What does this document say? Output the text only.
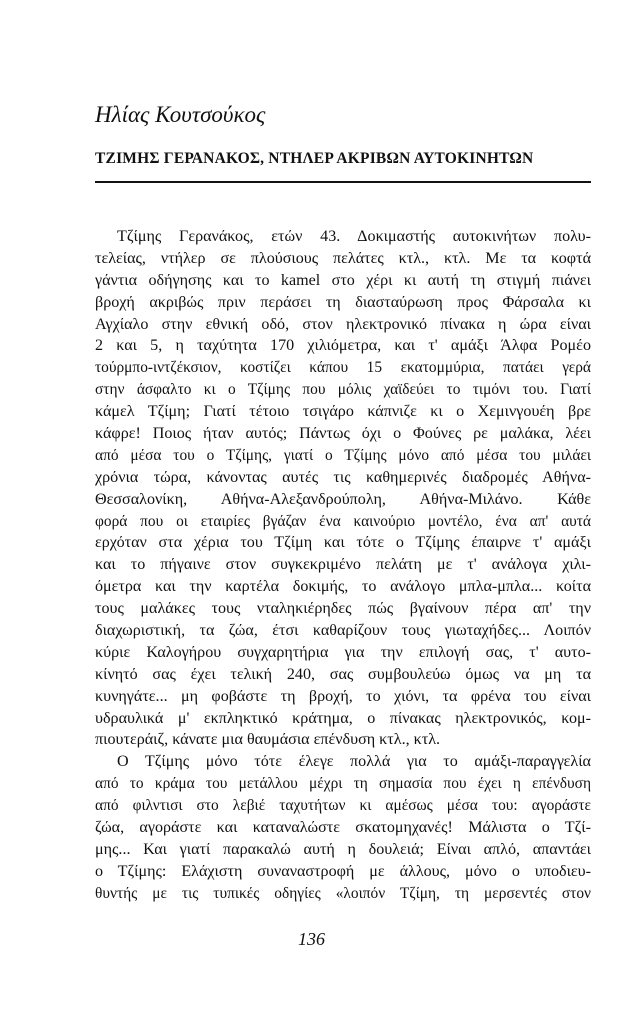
Ηλίας Κουτσούκος
ΤΖΙΜΗΣ ΓΕΡΑΝΑΚΟΣ, ΝΤΗΛΕΡ ΑΚΡΙΒΩΝ ΑΥΤΟΚΙΝΗΤΩΝ
Τζίμης Γερανάκος, ετών 43. Δοκιμαστής αυτοκινήτων πολυ-
τελείας, ντήλερ σε πλούσιους πελάτες κτλ., κτλ. Με τα κοφτά
γάντια οδήγησης και το kamel στο χέρι κι αυτή τη στιγμή πιάνει
βροχή ακριβώς πριν περάσει τη διασταύρωση προς Φάρσαλα κι
Αγχίαλο στην εθνική οδό, στον ηλεκτρονικό πίνακα η ώρα είναι
2 και 5, η ταχύτητα 170 χιλιόμετρα, και τ' αμάξι Άλφα Ρομέο
τούρμπο-ιντζέκσιον, κοστίζει κάπου 15 εκατομμύρια, πατάει γερά
στην άσφαλτο κι ο Τζίμης που μόλις χαϊδεύει το τιμόνι του. Γιατί
κάμελ Τζίμη; Γιατί τέτοιο τσιγάρο κάπνιζε κι ο Χεμινγουέη βρε
κάφρε! Ποιος ήταν αυτός; Πάντως όχι ο Φούνες ρε μαλάκα, λέει
από μέσα του ο Τζίμης, γιατί ο Τζίμης μόνο από μέσα του μιλάει
χρόνια τώρα, κάνοντας αυτές τις καθημερινές διαδρομές Αθήνα-
Θεσσαλονίκη, Αθήνα-Αλεξανδρούπολη, Αθήνα-Μιλάνο. Κάθε
φορά που οι εταιρίες βγάζαν ένα καινούριο μοντέλο, ένα απ' αυτά
ερχόταν στα χέρια του Τζίμη και τότε ο Τζίμης έπαιρνε τ' αμάξι
και το πήγαινε στον συγκεκριμένο πελάτη με τ' ανάλογα χιλι-
όμετρα και την καρτέλα δοκιμής, το ανάλογο μπλα-μπλα... κοίτα
τους μαλάκες τους νταληκιέρηδες πώς βγαίνουν πέρα απ' την
διαχωριστική, τα ζώα, έτσι καθαρίζουν τους γιωταχήδες... Λοιπόν
κύριε Καλογήρου συγχαρητήρια για την επιλογή σας, τ' αυτο-
κίνητό σας έχει τελική 240, σας συμβουλεύω όμως να μη τα
κυνηγάτε... μη φοβάστε τη βροχή, το χιόνι, τα φρένα του είναι
υδραυλικά μ' εκπληκτικό κράτημα, ο πίνακας ηλεκτρονικός, κομ-
πιουτεράιζ, κάνατε μια θαυμάσια επένδυση κτλ., κτλ.
Ο Τζίμης μόνο τότε έλεγε πολλά για το αμάξι-παραγγελία
από το κράμα του μετάλλου μέχρι τη σημασία που έχει η επένδυση
από φιλντισι στο λεβιέ ταχυτήτων κι αμέσως μέσα του: αγοράστε
ζώα, αγοράστε και καταναλώστε σκατομηχανές! Μάλιστα ο Τζί-
μης... Και γιατί παρακαλώ αυτή η δουλειά; Είναι απλό, απαντάει
ο Τζίμης: Ελάχιστη συναναστροφή με άλλους, μόνο ο υποδιευ-
θυντής με τις τυπικές οδηγίες «λοιπόν Τζίμη, τη μερσεντές στον
136
